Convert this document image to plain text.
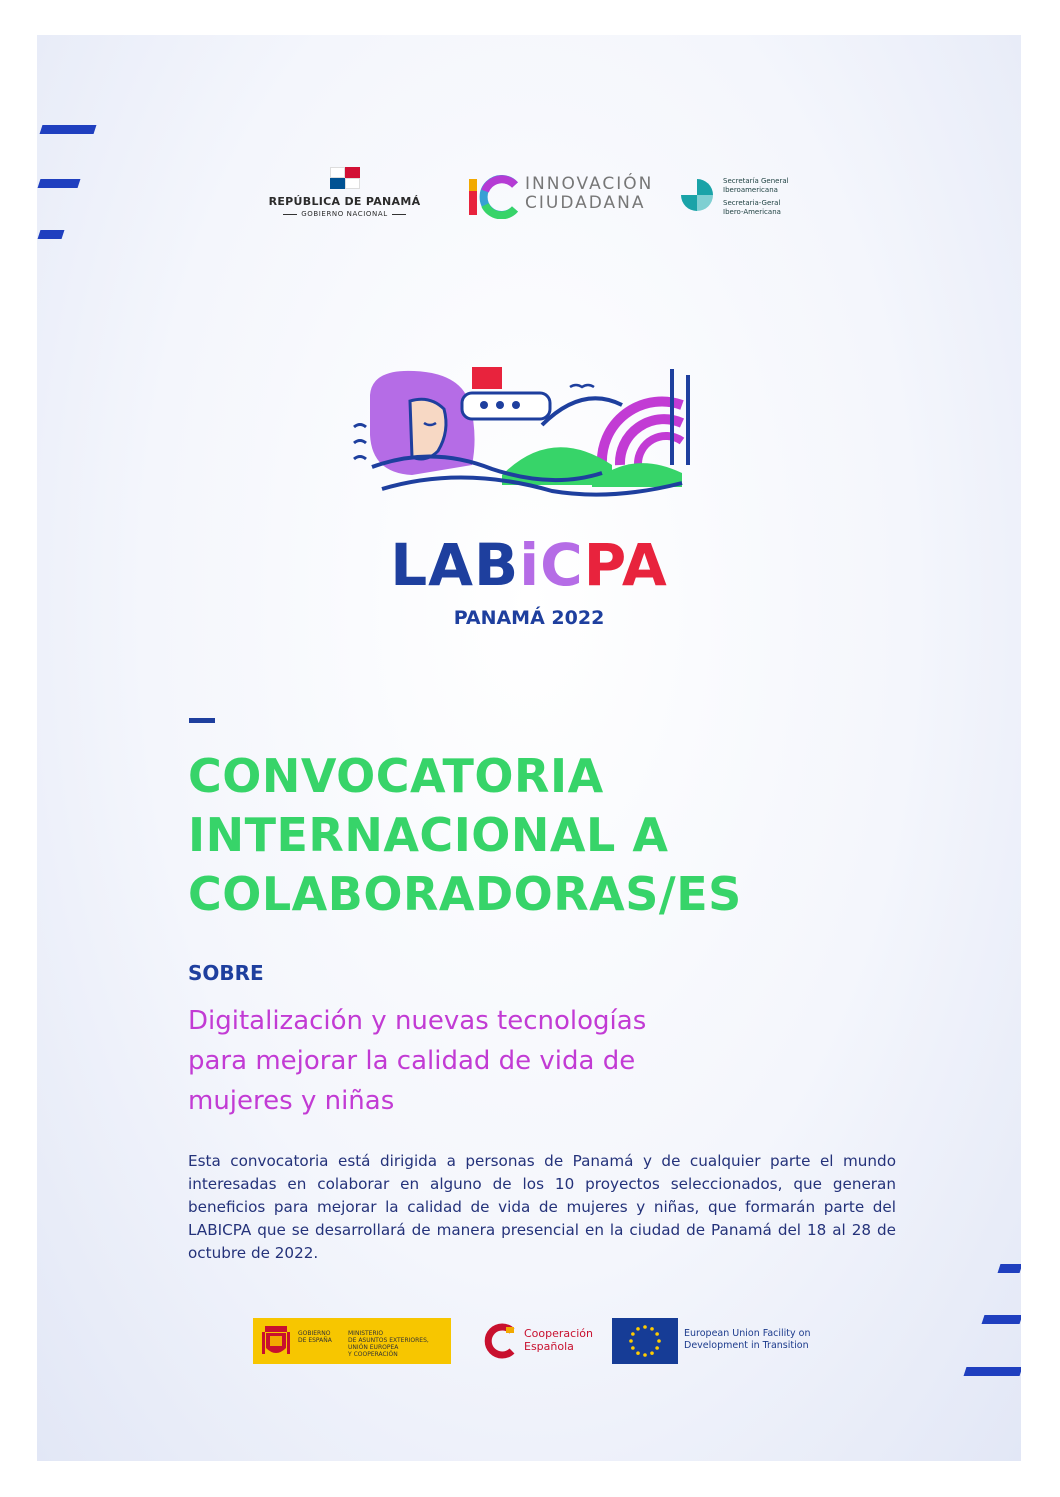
REPÚBLICA DE PANAMÁ
GOBIERNO NACIONAL
INNOVACIÓN
CIUDADANA
Secretaría General
Iberoamericana
Secretaria-Geral
Ibero-Americana
LABiCPA
PANAMÁ 2022
CONVOCATORIA
INTERNACIONAL A
COLABORADORAS/ES
SOBRE
Digitalización y nuevas tecnologías
para mejorar la calidad de vida de
mujeres y niñas
Esta convocatoria está dirigida a personas de Panamá y de cualquier parte el mundo interesadas en colaborar en alguno de los 10 proyectos seleccionados, que generan beneficios para mejorar la calidad de vida de mujeres y niñas, que formarán parte del LABICPA que se desarrollará de manera presencial en la ciudad de Panamá del 18 al 28 de octubre de 2022.
GOBIERNO
DE ESPAÑA
MINISTERIO
DE ASUNTOS EXTERIORES, UNIÓN EUROPEA
Y COOPERACIÓN
Cooperación
Española
European Union Facility on
Development in Transition
